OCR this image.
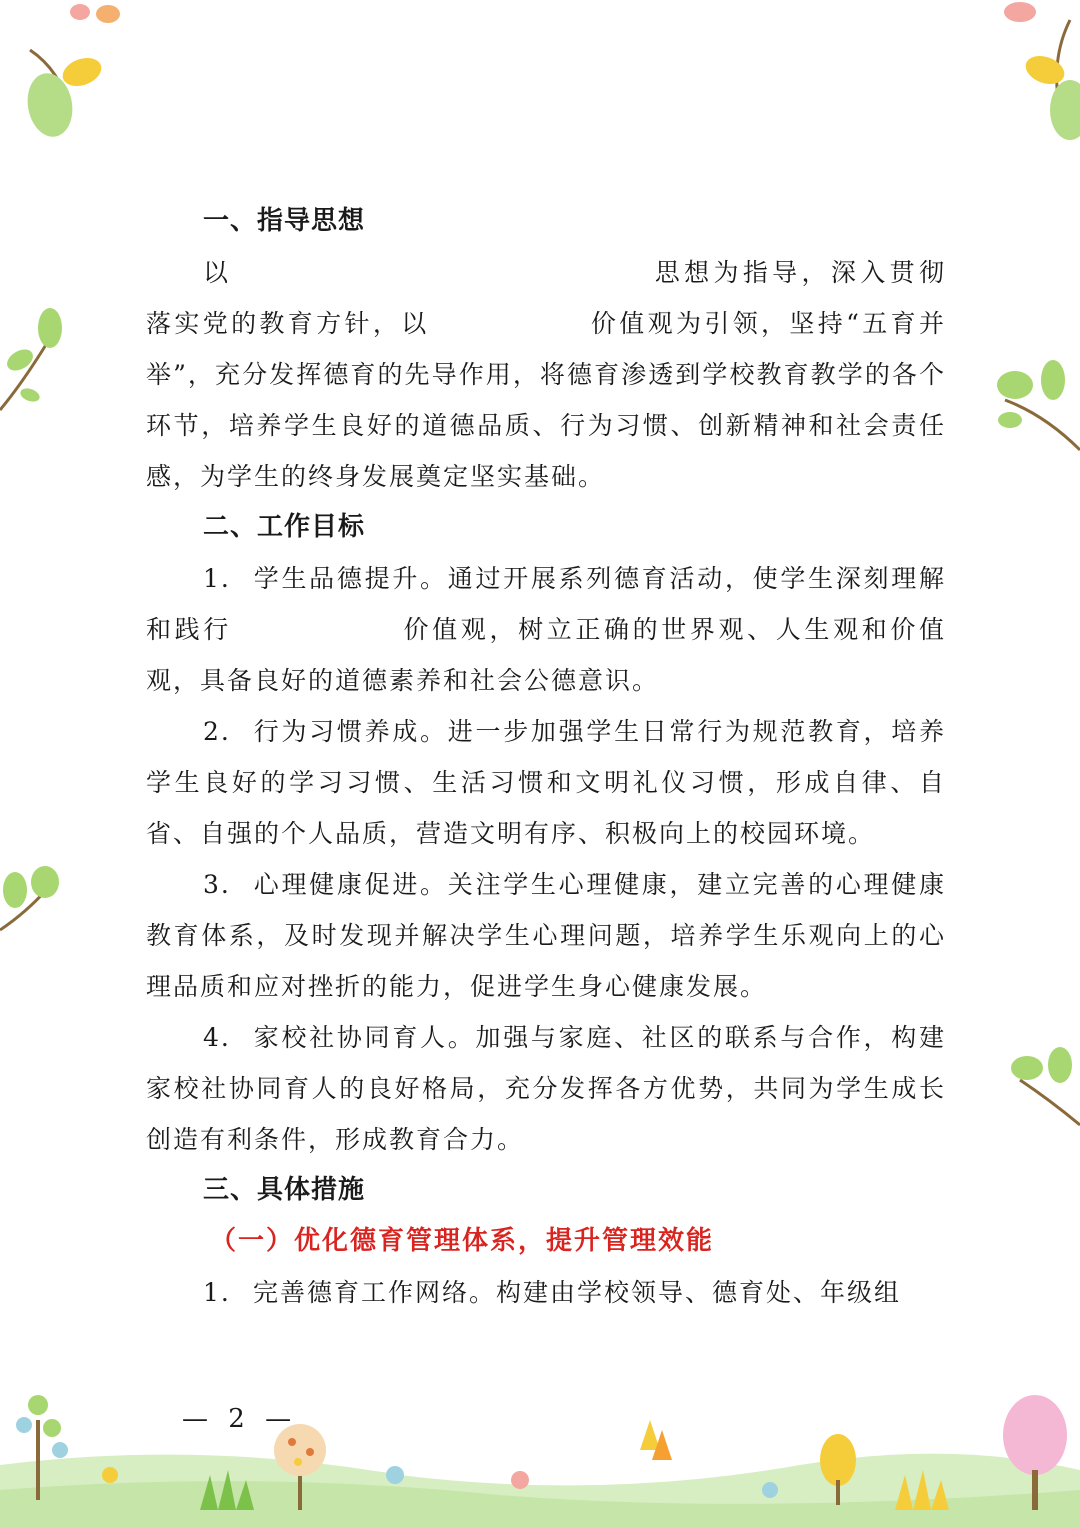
一、指导思想

以	思想为指导，深入贯彻落实党的教育方针，以	价值观为引领，坚持“五育并举”，充分发挥德育的先导作用，将德育渗透到学校教育教学的各个环节，培养学生良好的道德品质、行为习惯、创新精神和社会责任感，为学生的终身发展奠定坚实基础。

二、工作目标

1. 学生品德提升。通过开展系列德育活动，使学生深刻理解和践行	价值观，树立正确的世界观、人生观和价值观，具备良好的道德素养和社会公德意识。

2. 行为习惯养成。进一步加强学生日常行为规范教育，培养学生良好的学习习惯、生活习惯和文明礼仪习惯，形成自律、自省、自强的个人品质，营造文明有序、积极向上的校园环境。

3. 心理健康促进。关注学生心理健康，建立完善的心理健康教育体系，及时发现并解决学生心理问题，培养学生乐观向上的心理品质和应对挫折的能力，促进学生身心健康发展。

4. 家校社协同育人。加强与家庭、社区的联系与合作，构建家校社协同育人的良好格局，充分发挥各方优势，共同为学生成长创造有利条件，形成教育合力。

三、具体措施
（一）优化德育管理体系，提升管理效能

1. 完善德育工作网络。构建由学校领导、德育处、年级组

— 2 —
